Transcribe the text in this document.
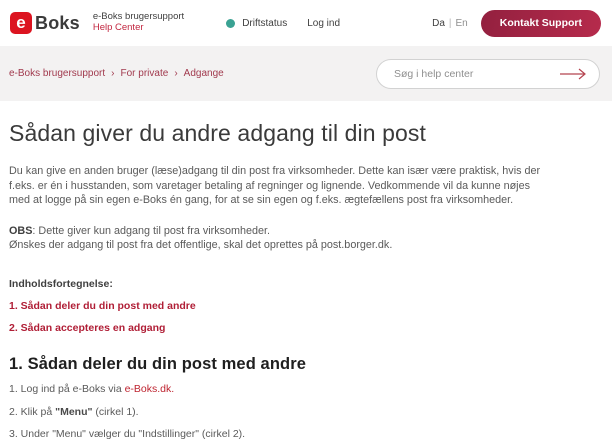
e Boks e-Boks brugersupport
Help Center	Driftstatus Log ind	Da | En	Kontakt Support
e-Boks brugersupport › For private › Adgange
Søg i help center
Sådan giver du andre adgang til din post

Du kan give en anden bruger (læse)adgang til din post fra virksomheder. Dette kan især være praktisk, hvis der f.eks. er én i husstanden, som varetager betaling af regninger og lignende. Vedkommende vil da kunne nøjes med at logge på sin egen e-Boks én gang, for at se sin egen og f.eks. ægtefællens post fra virksomheder.

OBS: Dette giver kun adgang til post fra virksomheder.
Ønskes der adgang til post fra det offentlige, skal det oprettes på post.borger.dk.

Indholdsfortegnelse:
1. Sådan deler du din post med andre
2. Sådan accepteres en adgang
1. Sådan deler du din post med andre

1. Log ind på e-Boks via e-Boks.dk.

2. Klik på "Menu" (cirkel 1).

3. Under "Menu" vælger du "Indstillinger" (cirkel 2).
